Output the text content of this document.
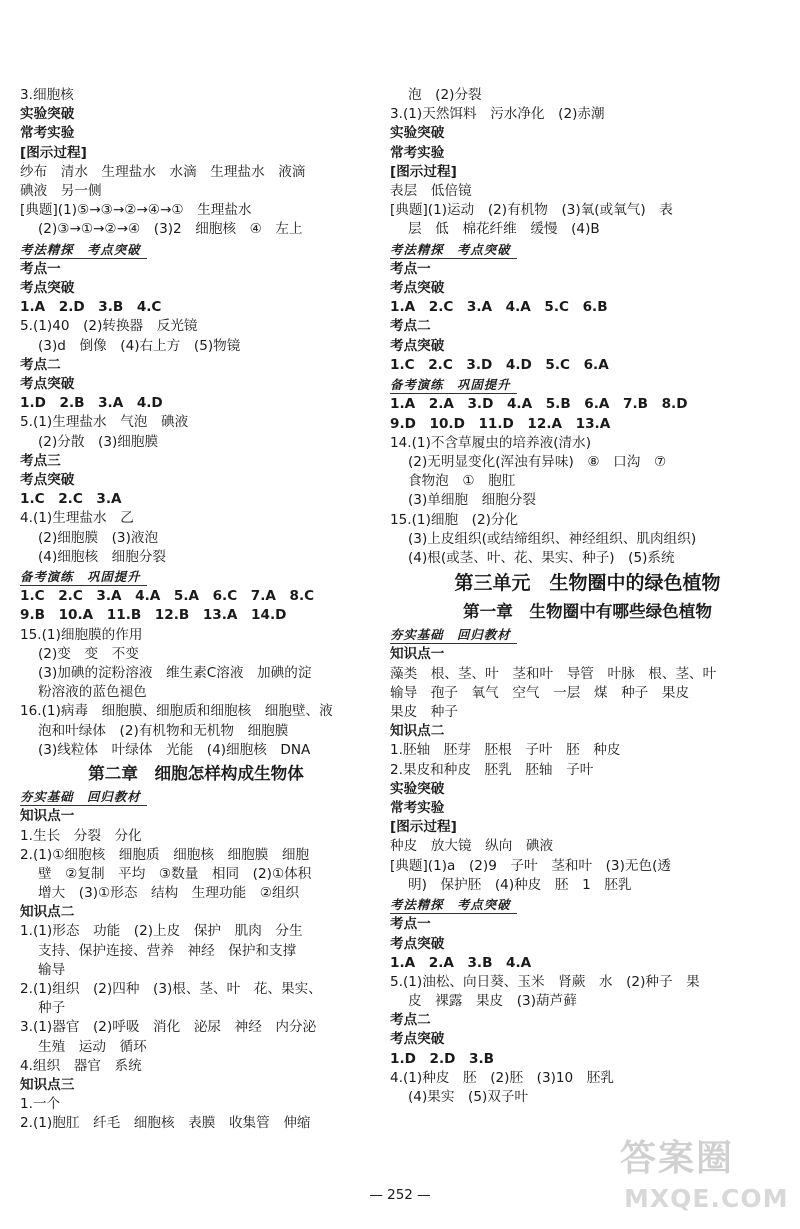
3.细胞核
实验突破
常考实验
[图示过程]
纱布　清水　生理盐水　水滴　生理盐水　液滴
碘液　另一侧
[典题](1)⑤→③→②→④→①　生理盐水
(2)③→①→②→④　(3)2　细胞核　④　左上
考法精探　考点突破
考点一
考点突破
1.A　2.D　3.B　4.C
5.(1)40　(2)转换器　反光镜
(3)d　倒像　(4)右上方　(5)物镜
考点二
考点突破
1.D　2.B　3.A　4.D
5.(1)生理盐水　气泡　碘液
(2)分散　(3)细胞膜
考点三
考点突破
1.C　2.C　3.A
4.(1)生理盐水　乙
(2)细胞膜　(3)液泡
(4)细胞核　细胞分裂
备考演练　巩固提升
1.C　2.C　3.A　4.A　5.A　6.C　7.A　8.C
9.B　10.A　11.B　12.B　13.A　14.D
15.(1)细胞膜的作用
(2)变　变　不变
(3)加碘的淀粉溶液　维生素C溶液　加碘的淀
粉溶液的蓝色褪色
16.(1)病毒　细胞膜、细胞质和细胞核　细胞壁、液
泡和叶绿体　(2)有机物和无机物　细胞膜
(3)线粒体　叶绿体　光能　(4)细胞核　DNA
第二章　细胞怎样构成生物体
夯实基础　回归教材
知识点一
1.生长　分裂　分化
2.(1)①细胞核　细胞质　细胞核　细胞膜　细胞
壁　②复制　平均　③数量　相同　(2)①体积
增大　(3)①形态　结构　生理功能　②组织
知识点二
1.(1)形态　功能　(2)上皮　保护　肌肉　分生
支持、保护连接、营养　神经　保护和支撑
输导
2.(1)组织　(2)四种　(3)根、茎、叶　花、果实、
种子
3.(1)器官　(2)呼吸　消化　泌尿　神经　内分泌
生殖　运动　循环
4.组织　器官　系统
知识点三
1.一个
2.(1)胞肛　纤毛　细胞核　表膜　收集管　伸缩
泡　(2)分裂
3.(1)天然饵料　污水净化　(2)赤潮
实验突破
常考实验
[图示过程]
表层　低倍镜
[典题](1)运动　(2)有机物　(3)氧(或氧气)　表
层　低　棉花纤维　缓慢　(4)B
考法精探　考点突破
考点一
考点突破
1.A　2.C　3.A　4.A　5.C　6.B
考点二
考点突破
1.C　2.C　3.D　4.D　5.C　6.A
备考演练　巩固提升
1.A　2.A　3.D　4.A　5.B　6.A　7.B　8.D
9.D　10.D　11.D　12.A　13.A
14.(1)不含草履虫的培养液(清水)
(2)无明显变化(浑浊有异味)　⑧　口沟　⑦
食物泡　①　胞肛
(3)单细胞　细胞分裂
15.(1)细胞　(2)分化
(3)上皮组织(或结缔组织、神经组织、肌肉组织)
(4)根(或茎、叶、花、果实、种子)　(5)系统
第三单元　生物圈中的绿色植物
第一章　生物圈中有哪些绿色植物
夯实基础　回归教材
知识点一
藻类　根、茎、叶　茎和叶　导管　叶脉　根、茎、叶
输导　孢子　氧气　空气　一层　煤　种子　果皮
果皮　种子
知识点二
1.胚轴　胚芽　胚根　子叶　胚　种皮
2.果皮和种皮　胚乳　胚轴　子叶
实验突破
常考实验
[图示过程]
种皮　放大镜　纵向　碘液
[典题](1)a　(2)9　子叶　茎和叶　(3)无色(透
明)　保护胚　(4)种皮　胚　1　胚乳
考法精探　考点突破
考点一
考点突破
1.A　2.A　3.B　4.A
5.(1)油松、向日葵、玉米　肾蕨　水　(2)种子　果
皮　裸露　果皮　(3)葫芦藓
考点二
考点突破
1.D　2.D　3.B
4.(1)种皮　胚　(2)胚　(3)10　胚乳
(4)果实　(5)双子叶
— 252 —
答案圈
MXQE.COM
